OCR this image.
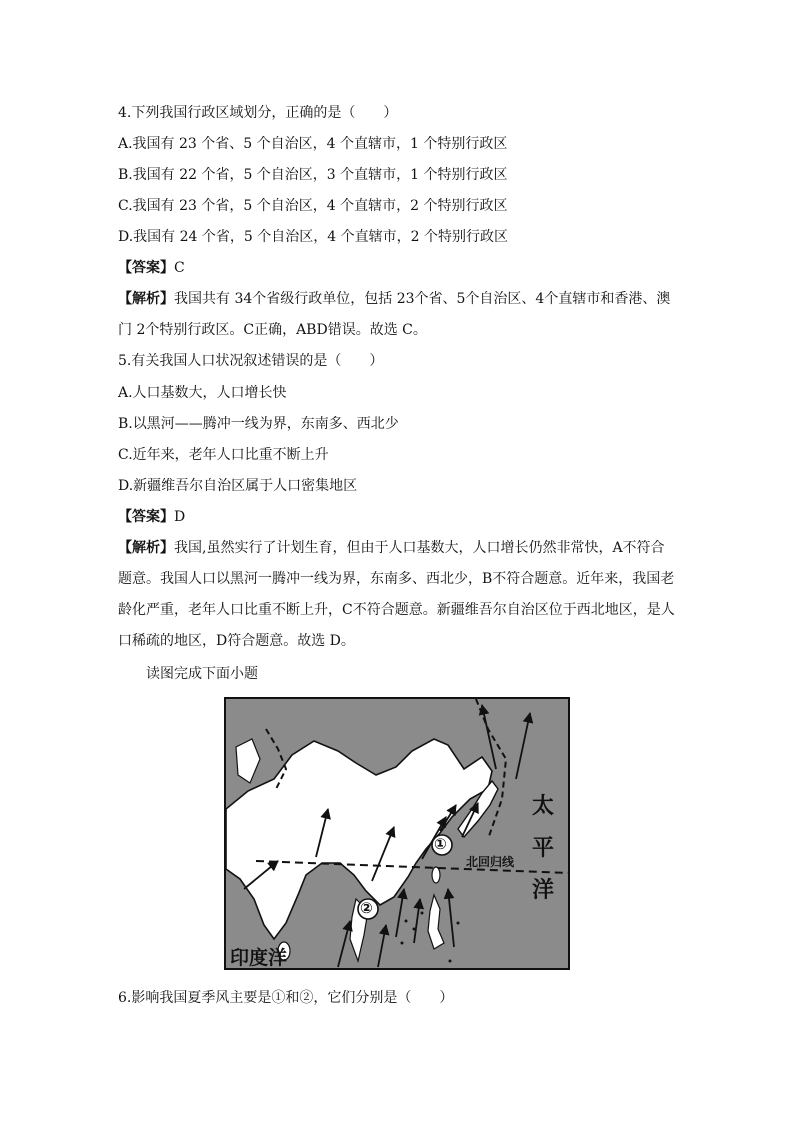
4.下列我国行政区域划分，正确的是（　　）
A.我国有 23 个省、5 个自治区，4 个直辖市，1 个特别行政区
B.我国有 22 个省，5 个自治区，3 个直辖市，1 个特别行政区
C.我国有 23 个省，5 个自治区，4 个直辖市，2 个特别行政区
D.我国有 24 个省，5 个自治区，4 个直辖市，2 个特别行政区
【答案】C
【解析】我国共有 34个省级行政单位，包括 23个省、5个自治区、4个直辖市和香港、澳
门 2个特别行政区。C正确，ABD错误。故选 C。
5.有关我国人口状况叙述错误的是（　　）
A.人口基数大，人口增长快
B.以黑河——腾冲一线为界，东南多、西北少
C.近年来，老年人口比重不断上升
D.新疆维吾尔自治区属于人口密集地区
【答案】D
【解析】我国,虽然实行了计划生育，但由于人口基数大，人口增长仍然非常快，A不符合
题意。我国人口以黑河一腾冲一线为界，东南多、西北少，B不符合题意。近年来，我国老
龄化严重，老年人口比重不断上升，C不符合题意。新疆维吾尔自治区位于西北地区，是人
口稀疏的地区，D符合题意。故选 D。
读图完成下面小题
①
②
北回归线
太
平
洋
印度洋
6.影响我国夏季风主要是①和②，它们分别是（　　）
